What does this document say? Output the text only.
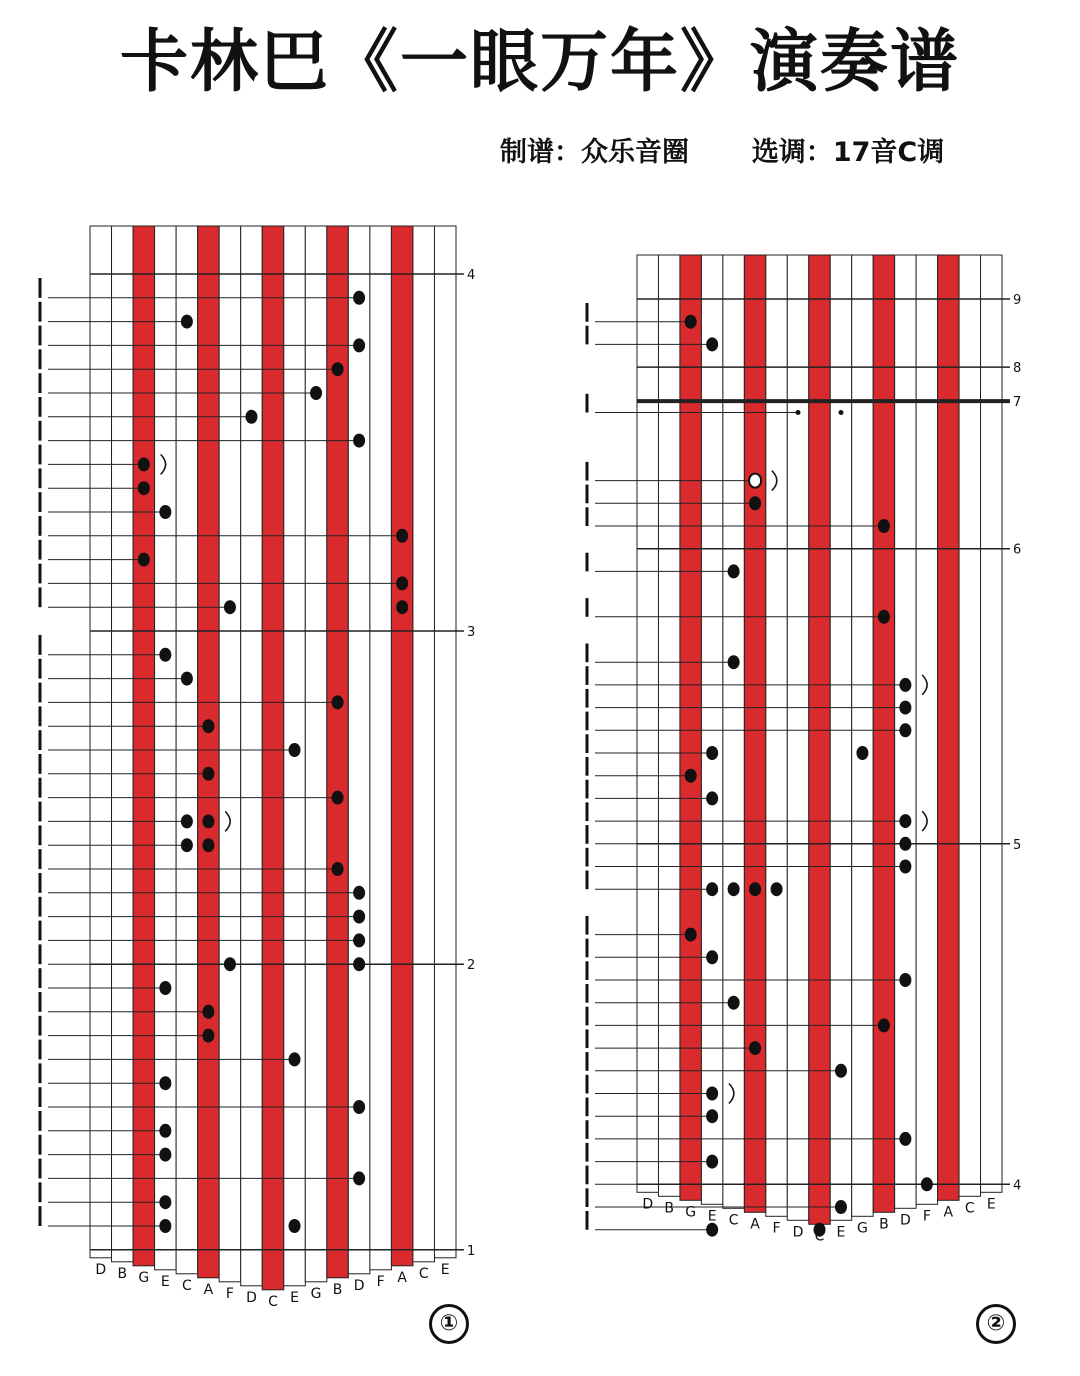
卡林巴《一眼万年》演奏谱
制谱：众乐音圈 选调：17音C调
4
3
2
1
D B G E C A F D C E G B D F A C E
9
8
7
6
5
4
D B G E C A F D C E G B D F A C E
①	②
